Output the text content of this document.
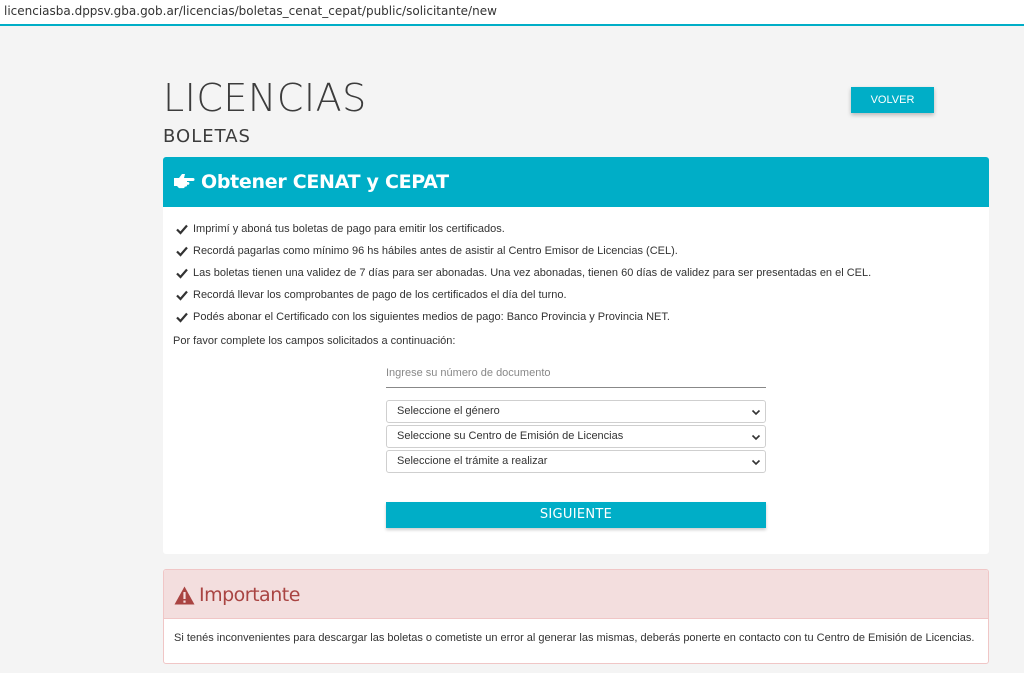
licenciasba.dppsv.gba.gob.ar/licencias/boletas_cenat_cepat/public/solicitante/new
LICENCIAS
BOLETAS
VOLVER
Obtener CENAT y CEPAT
Imprimí y aboná tus boletas de pago para emitir los certificados.
Recordá pagarlas como mínimo 96 hs hábiles antes de asistir al Centro Emisor de Licencias (CEL).
Las boletas tienen una validez de 7 días para ser abonadas. Una vez abonadas, tienen 60 días de validez para ser presentadas en el CEL.
Recordá llevar los comprobantes de pago de los certificados el día del turno.
Podés abonar el Certificado con los siguientes medios de pago: Banco Provincia y Provincia NET.
Por favor complete los campos solicitados a continuación:
Ingrese su número de documento
Seleccione el género
Seleccione su Centro de Emisión de Licencias
Seleccione el trámite a realizar
SIGUIENTE
Importante
Si tenés inconvenientes para descargar las boletas o cometiste un error al generar las mismas, deberás ponerte en contacto con tu Centro de Emisión de Licencias.
